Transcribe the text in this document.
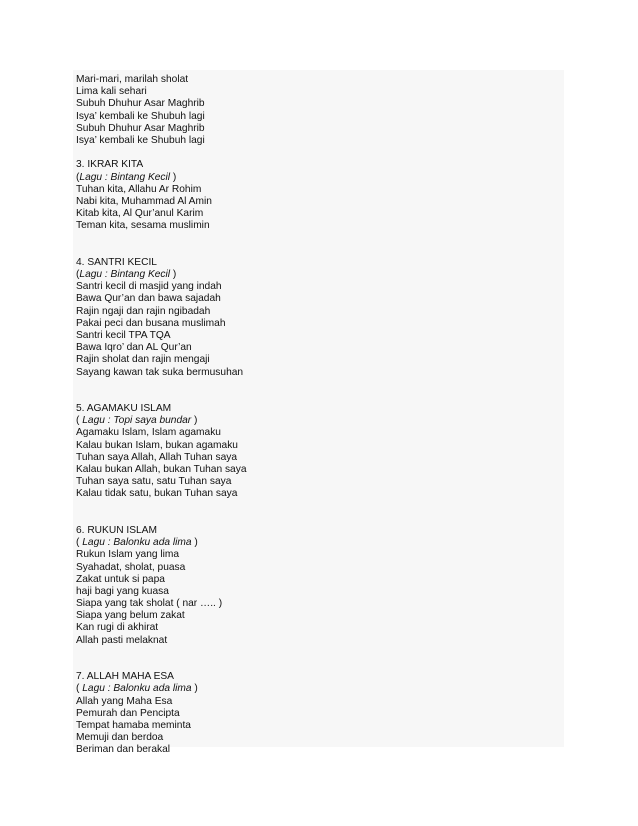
Mari-mari, marilah sholat
Lima kali sehari
Subuh Dhuhur Asar Maghrib
Isya’ kembali ke Shubuh lagi
Subuh Dhuhur Asar Maghrib
Isya’ kembali ke Shubuh lagi
3. IKRAR KITA
(Lagu : Bintang Kecil )
Tuhan kita, Allahu Ar Rohim
Nabi kita, Muhammad Al Amin
Kitab kita, Al Qur’anul Karim
Teman kita, sesama muslimin
4. SANTRI KECIL
(Lagu : Bintang Kecil )
Santri kecil di masjid yang indah
Bawa Qur’an dan bawa sajadah
Rajin ngaji dan rajin ngibadah
Pakai peci dan busana muslimah
Santri kecil TPA TQA
Bawa Iqro’ dan AL Qur’an
Rajin sholat dan rajin mengaji
Sayang kawan tak suka bermusuhan
5. AGAMAKU ISLAM
( Lagu : Topi saya bundar )
Agamaku Islam, Islam agamaku
Kalau bukan Islam, bukan agamaku
Tuhan saya Allah, Allah Tuhan saya
Kalau bukan Allah, bukan Tuhan saya
Tuhan saya satu, satu Tuhan saya
Kalau tidak satu, bukan Tuhan saya
6. RUKUN ISLAM
( Lagu : Balonku ada lima )
Rukun Islam yang lima
Syahadat, sholat, puasa
Zakat untuk si papa
haji bagi yang kuasa
Siapa yang tak sholat ( nar ….. )
Siapa yang belum zakat
Kan rugi di akhirat
Allah pasti melaknat
7. ALLAH MAHA ESA
( Lagu : Balonku ada lima )
Allah yang Maha Esa
Pemurah dan Pencipta
Tempat hamaba meminta
Memuji dan berdoa
Beriman dan berakal
